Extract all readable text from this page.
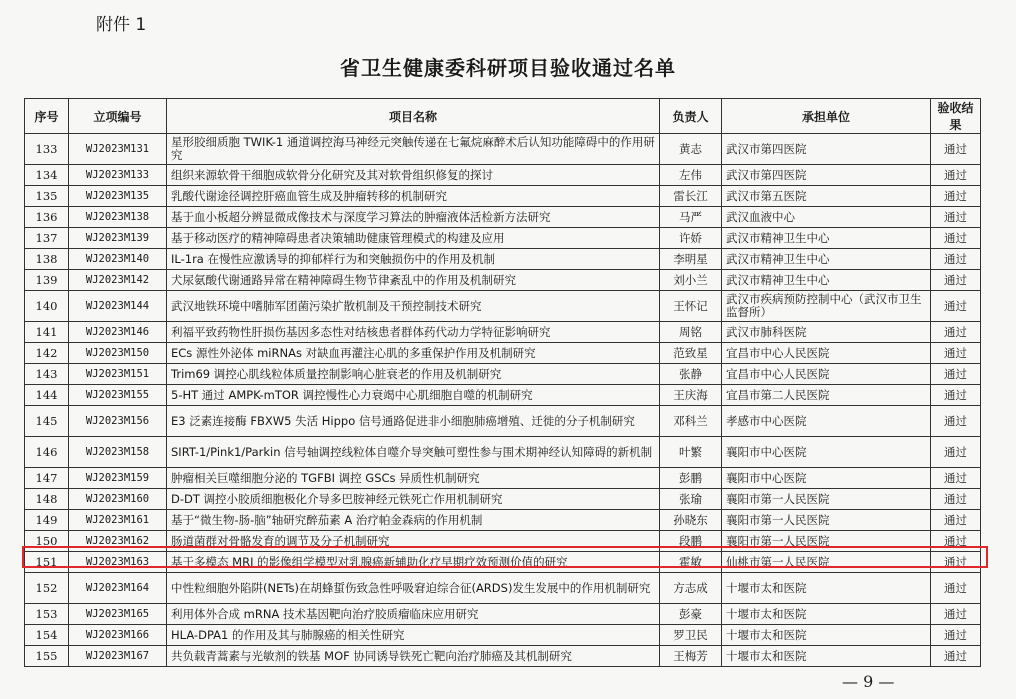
附件 1
省卫生健康委科研项目验收通过名单
序号	立项编号	项目名称	负责人	承担单位	验收结果
133	WJ2023M131	星形胶细质胞 TWIK-1 通道调控海马神经元突触传递在七氟烷麻醉术后认知功能障碍中的作用研究	黄志	武汉市第四医院	通过
134	WJ2023M133	组织来源软骨干细胞成软骨分化研究及其对软骨组织修复的探讨	左伟	武汉市第四医院	通过
135	WJ2023M135	乳酸代谢途径调控肝癌血管生成及肿瘤转移的机制研究	雷长江	武汉市第五医院	通过
136	WJ2023M138	基于血小板超分辨显微成像技术与深度学习算法的肿瘤液体活检新方法研究	马严	武汉血液中心	通过
137	WJ2023M139	基于移动医疗的精神障碍患者决策辅助健康管理模式的构建及应用	许娇	武汉市精神卫生中心	通过
138	WJ2023M140	IL-1ra 在慢性应激诱导的抑郁样行为和突触损伤中的作用及机制	李明星	武汉市精神卫生中心	通过
139	WJ2023M142	犬尿氨酸代谢通路异常在精神障碍生物节律紊乱中的作用及机制研究	刘小兰	武汉市精神卫生中心	通过
140	WJ2023M144	武汉地铁环境中嗜肺军团菌污染扩散机制及干预控制技术研究	王怀记	武汉市疾病预防控制中心（武汉市卫生监督所）	通过
141	WJ2023M146	利福平致药物性肝损伤基因多态性对结核患者群体药代动力学特征影响研究	周铭	武汉市肺科医院	通过
142	WJ2023M150	ECs 源性外泌体 miRNAs 对缺血再灌注心肌的多重保护作用及机制研究	范致星	宜昌市中心人民医院	通过
143	WJ2023M151	Trim69 调控心肌线粒体质量控制影响心脏衰老的作用及机制研究	张静	宜昌市中心人民医院	通过
144	WJ2023M155	5-HT 通过 AMPK-mTOR 调控慢性心力衰竭中心肌细胞自噬的机制研究	王庆海	宜昌市第二人民医院	通过
145	WJ2023M156	E3 泛素连接酶 FBXW5 失活 Hippo 信号通路促进非小细胞肺癌增殖、迁徙的分子机制研究	邓科兰	孝感市中心医院	通过
146	WJ2023M158	SIRT-1/Pink1/Parkin 信号轴调控线粒体自噬介导突触可塑性参与围术期神经认知障碍的新机制	叶繁	襄阳市中心医院	通过
147	WJ2023M159	肿瘤相关巨噬细胞分泌的 TGFBI 调控 GSCs 异质性机制研究	彭鹏	襄阳市中心医院	通过
148	WJ2023M160	D-DT 调控小胶质细胞极化介导多巴胺神经元铁死亡作用机制研究	张瑜	襄阳市第一人民医院	通过
149	WJ2023M161	基于“微生物-肠-脑”轴研究醉茄素 A 治疗帕金森病的作用机制	孙晓东	襄阳市第一人民医院	通过
150	WJ2023M162	肠道菌群对骨骼发育的调节及分子机制研究	段鹏	襄阳市第一人民医院	通过
151	WJ2023M163	基于多模态 MRI 的影像组学模型对乳腺癌新辅助化疗早期疗效预测价值的研究	霍敏	仙桃市第一人民医院	通过
152	WJ2023M164	中性粒细胞外陷阱(NETs)在胡蜂蜇伤致急性呼吸窘迫综合征(ARDS)发生发展中的作用机制研究	方志成	十堰市太和医院	通过
153	WJ2023M165	利用体外合成 mRNA 技术基因靶向治疗胶质瘤临床应用研究	彭豪	十堰市太和医院	通过
154	WJ2023M166	HLA-DPA1 的作用及其与肺腺癌的相关性研究	罗卫民	十堰市太和医院	通过
155	WJ2023M167	共负载青蒿素与光敏剂的铁基 MOF 协同诱导铁死亡靶向治疗肺癌及其机制研究	王梅芳	十堰市太和医院	通过
— 9 —
